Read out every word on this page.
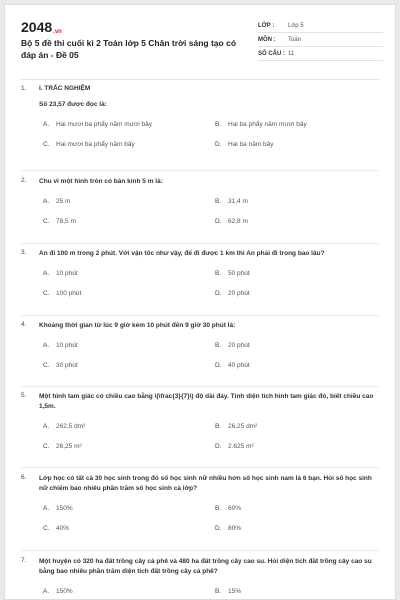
2048.vn
Bộ 5 đề thi cuối kì 2 Toán lớp 5 Chân trời sáng tạo có đáp án - Đề 05
LỚP :	Lớp 5
MÔN :	Toán
SỐ CÂU : 11
1. I. TRẮC NGHIỆM
Số 23,57 được đọc là:
A. Hai mươi ba phẩy năm mươi bảy	B. Hai ba phẩy năm mươi bảy
C. Hai mươi ba phẩy năm bảy	D. Hai ba năm bảy
2. Chu vi một hình tròn có bán kính 5 m là:
A. 25 m	B. 31,4 m
C. 78,5 m	D. 62,8 m
3. An đi 100 m trong 2 phút. Với vận tốc như vậy, để đi được 1 km thì An phải đi trong bao lâu?
A. 10 phút	B. 50 phút
C. 100 phút	D. 20 phút
4. Khoảng thời gian từ lúc 9 giờ kém 10 phút đến 9 giờ 30 phút là:
A. 10 phút	B. 20 phút
C. 30 phút	D. 40 phút
5. Một hình tam giác có chiều cao bằng \(\frac{3}{7}\) độ dài đáy. Tính diện tích hình tam giác đó, biết chiều cao 1,5m.
A. 262,5 dm²	B. 26,25 dm²
C. 26,25 m²	D. 2.625 m²
6. Lớp học có tất cả 30 học sinh trong đó số học sinh nữ nhiều hơn số học sinh nam là 6 bạn. Hỏi số học sinh nữ chiếm bao nhiêu phần trăm số học sinh cả lớp?
A. 150%	B. 60%
C. 40%	D. 80%
7. Một huyện có 320 ha đất trồng cây cà phê và 480 ha đất trồng cây cao su. Hỏi diện tích đất trồng cây cao su bằng bao nhiêu phần trăm diện tích đất trồng cây cà phê?
A. 150%	B. 15%
